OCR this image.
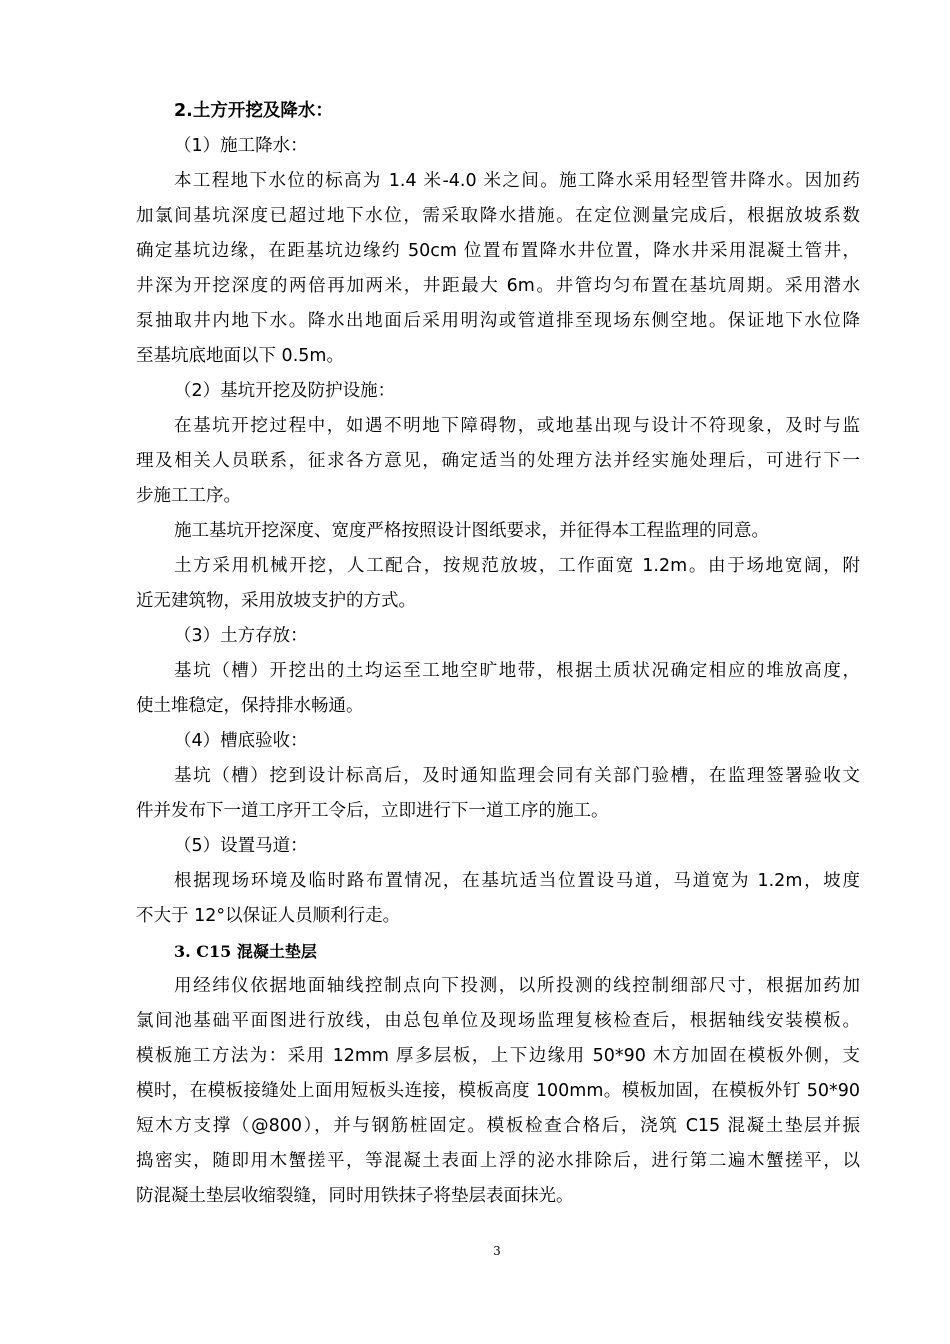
2.土方开挖及降水：
（1）施工降水：
本工程地下水位的标高为 1.4 米-4.0 米之间。施工降水采用轻型管井降水。因加药
加氯间基坑深度已超过地下水位，需采取降水措施。在定位测量完成后，根据放坡系数
确定基坑边缘，在距基坑边缘约 50cm 位置布置降水井位置，降水井采用混凝土管井，
井深为开挖深度的两倍再加两米，井距最大 6m。井管均匀布置在基坑周期。采用潜水
泵抽取井内地下水。降水出地面后采用明沟或管道排至现场东侧空地。保证地下水位降
至基坑底地面以下 0.5m。
（2）基坑开挖及防护设施：
在基坑开挖过程中，如遇不明地下障碍物，或地基出现与设计不符现象，及时与监
理及相关人员联系，征求各方意见，确定适当的处理方法并经实施处理后，可进行下一
步施工工序。
施工基坑开挖深度、宽度严格按照设计图纸要求，并征得本工程监理的同意。
土方采用机械开挖，人工配合，按规范放坡，工作面宽 1.2m。由于场地宽阔，附
近无建筑物，采用放坡支护的方式。
（3）土方存放：
基坑（槽）开挖出的土均运至工地空旷地带，根据土质状况确定相应的堆放高度，
使土堆稳定，保持排水畅通。
（4）槽底验收：
基坑（槽）挖到设计标高后，及时通知监理会同有关部门验槽，在监理签署验收文
件并发布下一道工序开工令后，立即进行下一道工序的施工。
（5）设置马道：
根据现场环境及临时路布置情况，在基坑适当位置设马道，马道宽为 1.2m，坡度
不大于 12°以保证人员顺利行走。
3. C15 混凝土垫层
用经纬仪依据地面轴线控制点向下投测，以所投测的线控制细部尺寸，根据加药加
氯间池基础平面图进行放线，由总包单位及现场监理复核检查后，根据轴线安装模板。
模板施工方法为：采用 12mm 厚多层板，上下边缘用 50*90 木方加固在模板外侧，支
模时，在模板接缝处上面用短板头连接，模板高度 100mm。模板加固，在模板外钉 50*90
短木方支撑（@800），并与钢筋桩固定。模板检查合格后，浇筑 C15 混凝土垫层并振
捣密实，随即用木蟹搓平，等混凝土表面上浮的泌水排除后，进行第二遍木蟹搓平，以
防混凝土垫层收缩裂缝，同时用铁抹子将垫层表面抹光。
3
